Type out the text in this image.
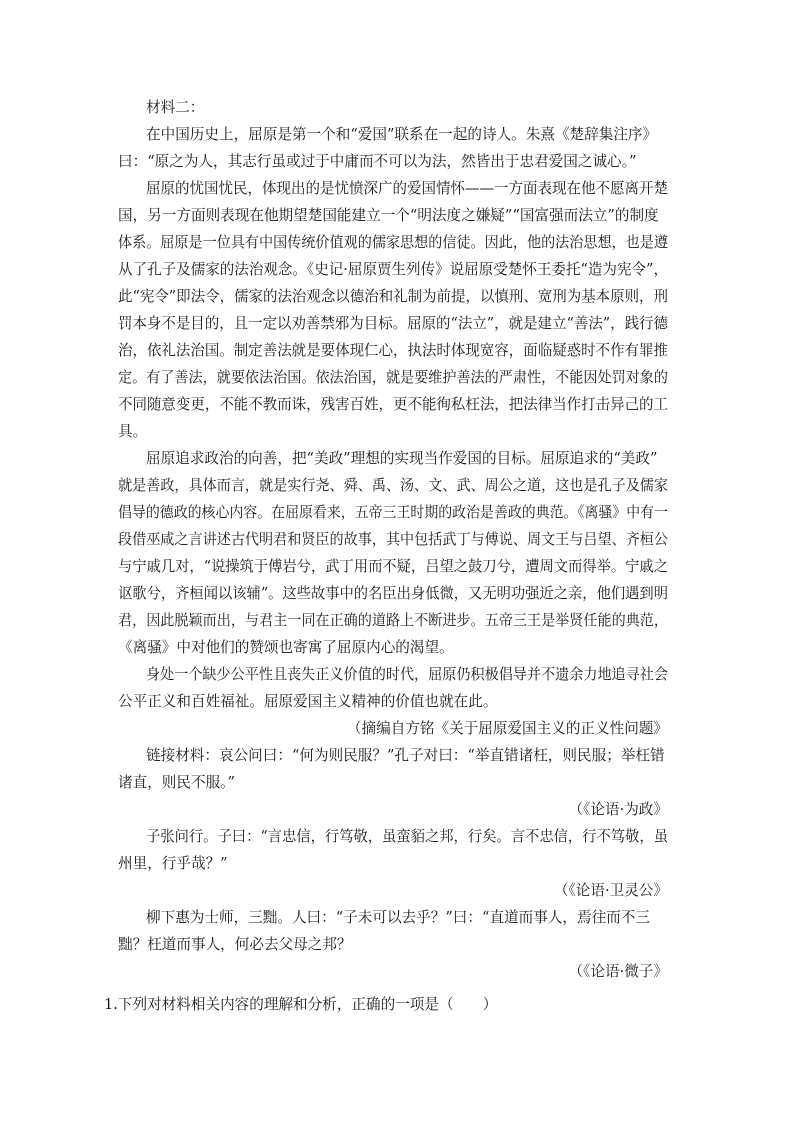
材料二：
在中国历史上，屈原是第一个和“爱国”联系在一起的诗人。朱熹《楚辞集注序》
曰：“原之为人，其志行虽或过于中庸而不可以为法，然皆出于忠君爱国之诚心。”
屈原的忧国忧民，体现出的是忧愤深广的爱国情怀——一方面表现在他不愿离开楚
国，另一方面则表现在他期望楚国能建立一个“明法度之嫌疑”“国富强而法立”的制度
体系。屈原是一位具有中国传统价值观的儒家思想的信徒。因此，他的法治思想，也是遵
从了孔子及儒家的法治观念。《史记·屈原贾生列传》说屈原受楚怀王委托“造为宪令”，
此“宪令”即法令，儒家的法治观念以德治和礼制为前提，以慎刑、宽刑为基本原则，刑
罚本身不是目的，且一定以劝善禁邪为目标。屈原的“法立”，就是建立“善法”，践行德
治，依礼法治国。制定善法就是要体现仁心，执法时体现宽容，面临疑惑时不作有罪推
定。有了善法，就要依法治国。依法治国，就是要维护善法的严肃性，不能因处罚对象的
不同随意变更，不能不教而诛，残害百姓，更不能徇私枉法，把法律当作打击异己的工
具。
屈原追求政治的向善，把“美政”理想的实现当作爱国的目标。屈原追求的“美政”
就是善政，具体而言，就是实行尧、舜、禹、汤、文、武、周公之道，这也是孔子及儒家
倡导的德政的核心内容。在屈原看来，五帝三王时期的政治是善政的典范。《离骚》中有一
段借巫咸之言讲述古代明君和贤臣的故事，其中包括武丁与傅说、周文王与吕望、齐桓公
与宁戚几对，“说操筑于傅岩兮，武丁用而不疑，吕望之鼓刀兮，遭周文而得举。宁戚之
讴歌兮，齐桓闻以该辅”。这些故事中的名臣出身低微，又无明功强近之亲，他们遇到明
君，因此脱颖而出，与君主一同在正确的道路上不断进步。五帝三王是举贤任能的典范，
《离骚》中对他们的赞颂也寄寓了屈原内心的渴望。
身处一个缺少公平性且丧失正义价值的时代，屈原仍积极倡导并不遗余力地追寻社会
公平正义和百姓福祉。屈原爱国主义精神的价值也就在此。
（摘编自方铭《关于屈原爱国主义的正义性问题》
链接材料：哀公问曰：“何为则民服？”孔子对曰：“举直错诸枉，则民服；举枉错
诸直，则民不服。”
（《论语·为政》
子张问行。子曰：“言忠信，行笃敬，虽蛮貊之邦，行矣。言不忠信，行不笃敬，虽
州里，行乎哉？”
（《论语·卫灵公》
柳下惠为士师，三黜。人曰：“子未可以去乎？”曰：“直道而事人，焉往而不三
黜？枉道而事人，何必去父母之邦？
（《论语·微子》
1.下列对材料相关内容的理解和分析，正确的一项是（　　）
